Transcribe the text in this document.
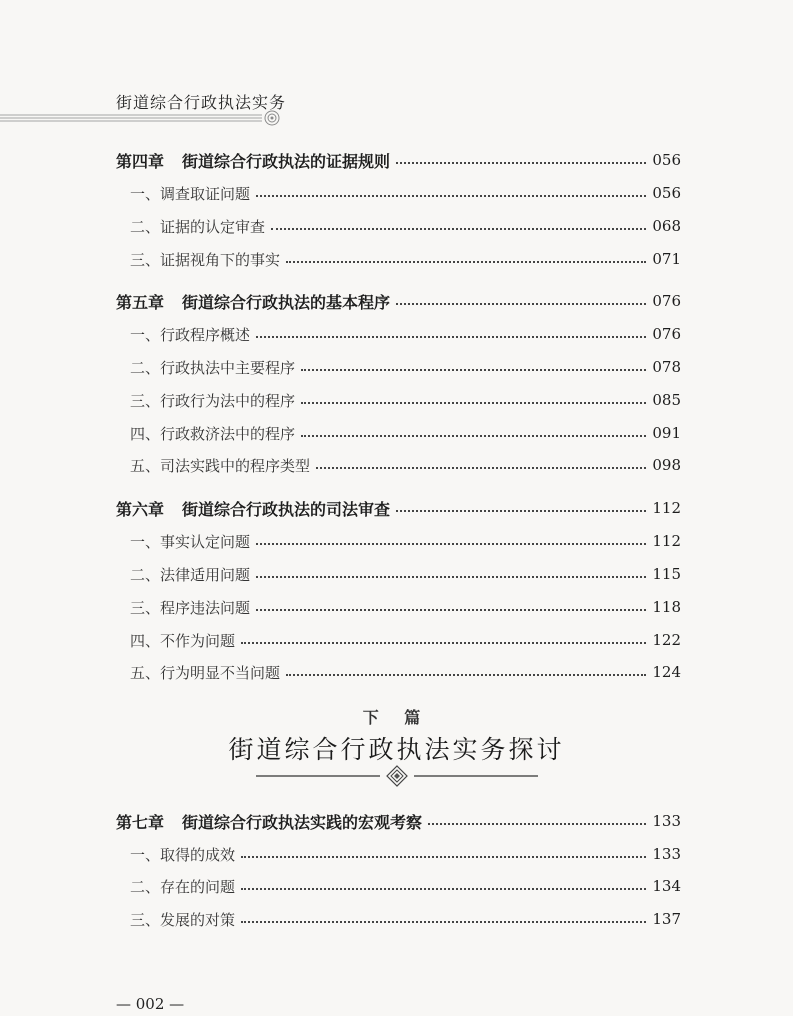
街道综合行政执法实务
第四章 街道综合行政执法的证据规则	056
一、调查取证问题	056
二、证据的认定审查	068
三、证据视角下的事实	071
第五章 街道综合行政执法的基本程序	076
一、行政程序概述	076
二、行政执法中主要程序	078
三、行政行为法中的程序	085
四、行政救济法中的程序	091
五、司法实践中的程序类型	098
第六章 街道综合行政执法的司法审查	112
一、事实认定问题	112
二、法律适用问题	115
三、程序违法问题	118
四、不作为问题	122
五、行为明显不当问题	124
下 篇
街道综合行政执法实务探讨
第七章 街道综合行政执法实践的宏观考察	133
一、取得的成效	133
二、存在的问题	134
三、发展的对策	137
— 002 —
